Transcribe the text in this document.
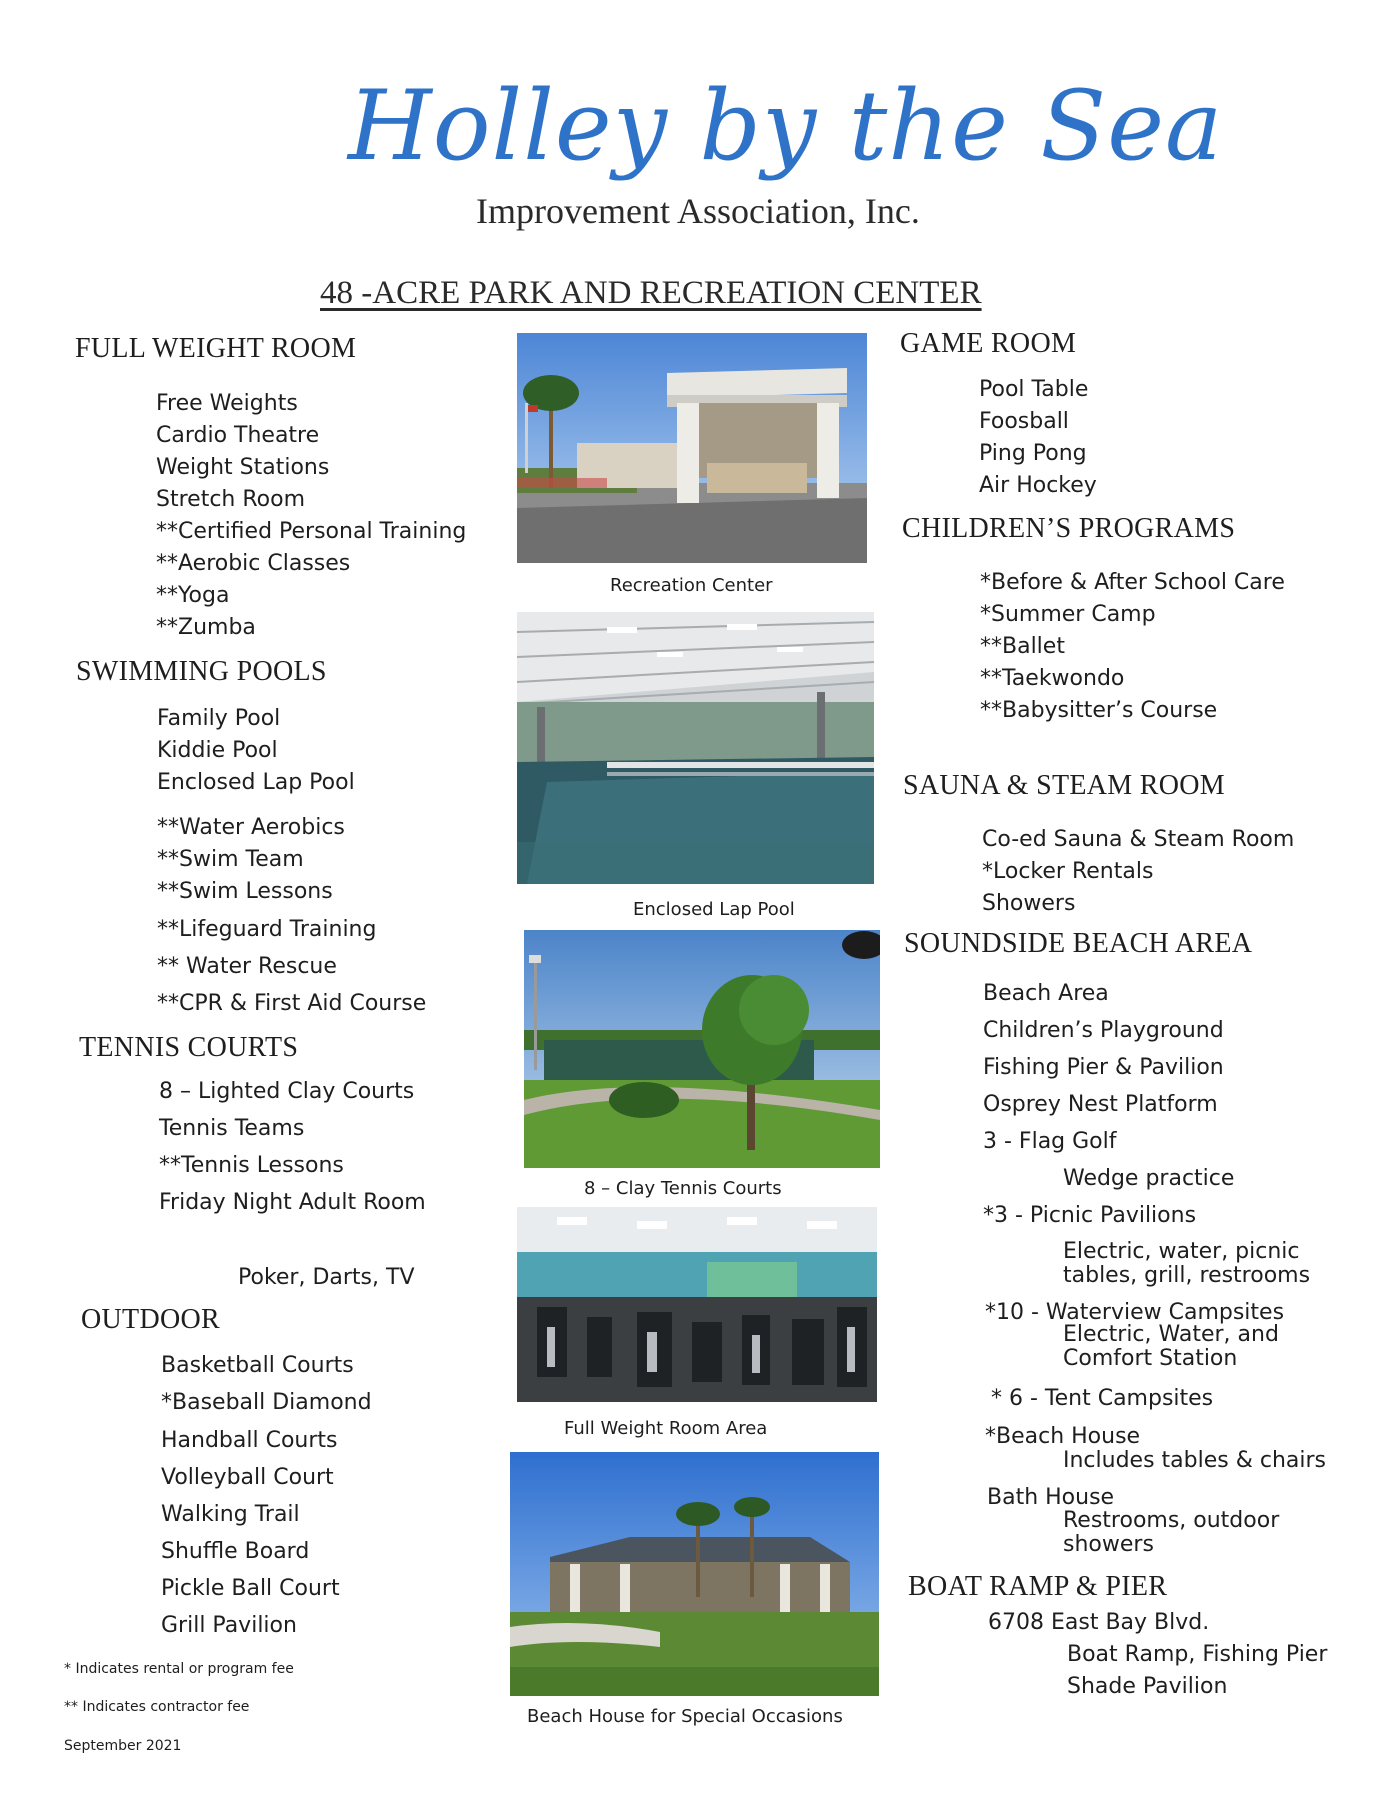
Holley by the Sea
Improvement Association, Inc.
48 -ACRE PARK AND RECREATION CENTER
FULL WEIGHT ROOM
Free Weights
Cardio Theatre
Weight Stations
Stretch Room
**Certified Personal Training
**Aerobic Classes
**Yoga
**Zumba
SWIMMING POOLS
Family Pool
Kiddie Pool
Enclosed Lap Pool
**Water Aerobics
**Swim Team
**Swim Lessons
**Lifeguard Training
** Water Rescue
**CPR & First Aid Course
TENNIS COURTS
8 – Lighted Clay Courts
Tennis Teams
**Tennis Lessons
Friday Night Adult Room
Poker, Darts, TV
OUTDOOR
Basketball Courts
*Baseball Diamond
Handball Courts
Volleyball Court
Walking Trail
Shuffle Board
Pickle Ball Court
Grill Pavilion
* Indicates rental or program fee
** Indicates contractor fee
September 2021
Recreation Center
Enclosed Lap Pool
8 – Clay Tennis Courts
Full Weight Room Area
Beach House for Special Occasions
GAME ROOM
Pool Table
Foosball
Ping Pong
Air Hockey
CHILDREN’S PROGRAMS
*Before & After School Care
*Summer Camp
**Ballet
**Taekwondo
**Babysitter’s Course
SAUNA & STEAM ROOM
Co-ed Sauna & Steam Room
*Locker Rentals
Showers
SOUNDSIDE BEACH AREA
Beach Area
Children’s Playground
Fishing Pier & Pavilion
Osprey Nest Platform
3 - Flag Golf
Wedge practice
*3 - Picnic Pavilions
Electric, water, picnic tables, grill, restrooms
*10 - Waterview Campsites
Electric, Water, and Comfort Station
* 6 - Tent Campsites
*Beach House
Includes tables & chairs
Bath House
Restrooms, outdoor showers
BOAT RAMP & PIER
6708 East Bay Blvd.
Boat Ramp, Fishing Pier
Shade Pavilion
